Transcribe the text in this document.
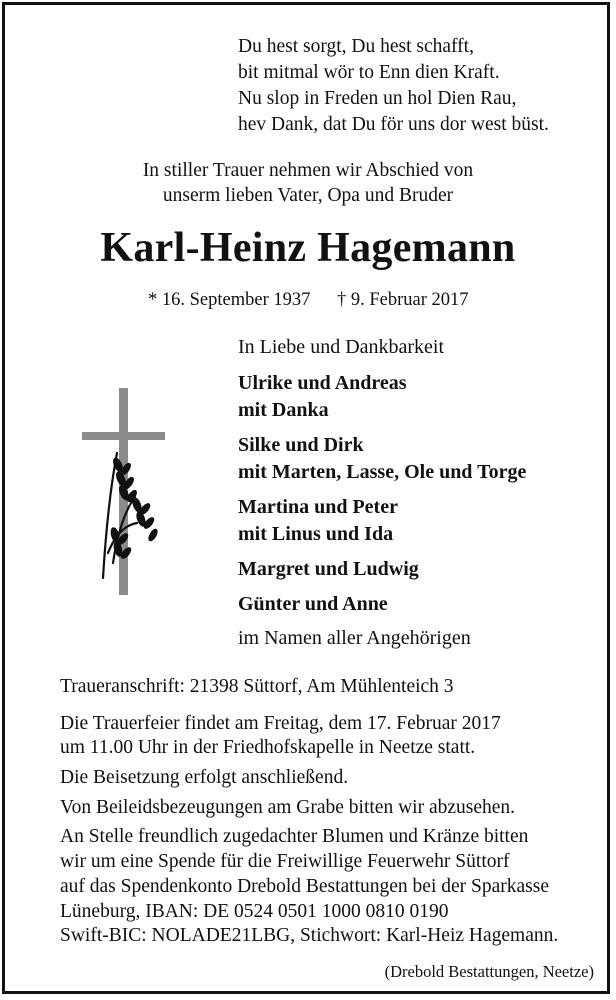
Du hest sorgt, Du hest schafft,
bit mitmal wör to Enn dien Kraft.
Nu slop in Freden un hol Dien Rau,
hev Dank, dat Du för uns dor west büst.
In stiller Trauer nehmen wir Abschied von
unserm lieben Vater, Opa und Bruder
Karl-Heinz Hagemann
* 16. September 1937 † 9. Februar 2017
In Liebe und Dankbarkeit
Ulrike und Andreas
mit Danka
Silke und Dirk
mit Marten, Lasse, Ole und Torge
Martina und Peter
mit Linus und Ida
Margret und Ludwig
Günter und Anne
im Namen aller Angehörigen
Traueranschrift: 21398 Süttorf, Am Mühlenteich 3
Die Trauerfeier findet am Freitag, dem 17. Februar 2017
um 11.00 Uhr in der Friedhofskapelle in Neetze statt.
Die Beisetzung erfolgt anschließend.
Von Beileidsbezeugungen am Grabe bitten wir abzusehen.
An Stelle freundlich zugedachter Blumen und Kränze bitten
wir um eine Spende für die Freiwillige Feuerwehr Süttorf
auf das Spendenkonto Drebold Bestattungen bei der Sparkasse
Lüneburg, IBAN: DE 0524 0501 1000 0810 0190
Swift-BIC: NOLADE21LBG, Stichwort: Karl-Heiz Hagemann.
(Drebold Bestattungen, Neetze)
